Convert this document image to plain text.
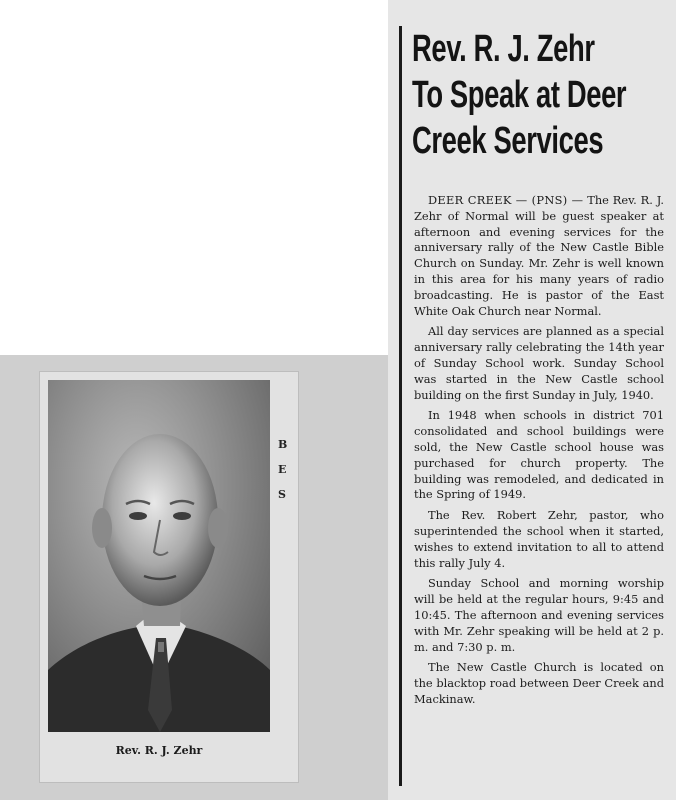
Rev. R. J. Zehr
To Speak at Deer
Creek Services

DEER CREEK — (PNS) — The Rev. R. J. Zehr of Normal will be guest speaker at afternoon and evening services for the anniversary rally of the New Castle Bible Church on Sunday. Mr. Zehr is well known in this area for his many years of radio broadcasting. He is pastor of the East White Oak Church near Normal.

All day services are planned as a special anniversary rally celebrating the 14th year of Sunday School work. Sunday School was started in the New Castle school building on the first Sunday in July, 1940.

In 1948 when schools in district 701 consolidated and school buildings were sold, the New Castle school house was purchased for church property. The building was remodeled, and dedicated in the Spring of 1949.

The Rev. Robert Zehr, pastor, who superintended the school when it started, wishes to extend invitation to all to attend this rally July 4.

Sunday School and morning worship will be held at the regular hours, 9:45 and 10:45. The afternoon and evening services with Mr. Zehr speaking will be held at 2 p. m. and 7:30 p. m.

The New Castle Church is located on the blacktop road between Deer Creek and Mackinaw.

Rev. R. J. Zehr
B
E
S
